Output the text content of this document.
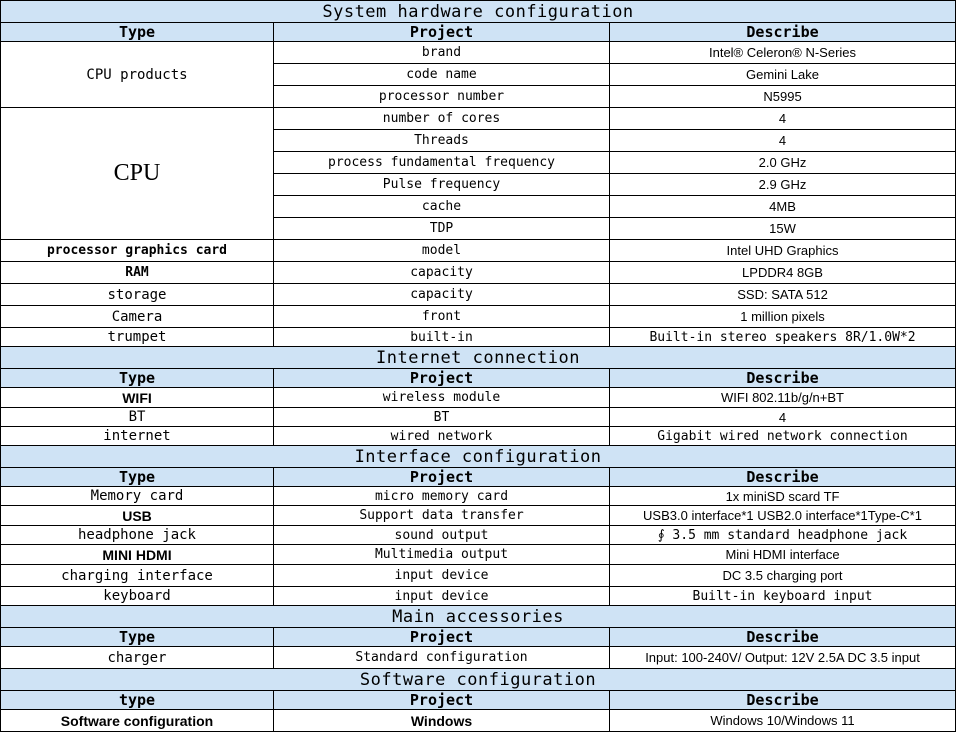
System hardware configuration		
Type	Project	Describe
CPU products	brand	Intel® Celeron® N-Series
	code name	Gemini Lake
	processor number	N5995
CPU	number of cores	4
	Threads	4
	process fundamental frequency	2.0 GHz
	Pulse frequency	2.9 GHz
	cache	4MB
	TDP	15W
processor graphics card	model	Intel UHD Graphics
RAM	capacity	LPDDR4 8GB
storage	capacity	SSD: SATA 512
Camera	front	1 million pixels
trumpet	built-in	Built-in stereo speakers 8R/1.0W*2
Internet connection		
Type	Project	Describe
WIFI	wireless module	WIFI 802.11b/g/n+BT
BT	BT	4
internet	wired network	Gigabit wired network connection
Interface configuration		
Type	Project	Describe
Memory card	micro memory card	1x miniSD scard TF
USB	Support data transfer	USB3.0 interface*1 USB2.0 interface*1Type-C*1
headphone jack	sound output	∮ 3.5 mm standard headphone jack
MINI HDMI	Multimedia output	Mini HDMI interface
charging interface	input device	DC 3.5 charging port
keyboard	input device	Built-in keyboard input
Main accessories		
Type	Project	Describe
charger	Standard configuration	Input: 100-240V/ Output: 12V 2.5A DC 3.5 input
Software configuration		
type	Project	Describe
Software configuration	Windows	Windows 10/Windows 11
